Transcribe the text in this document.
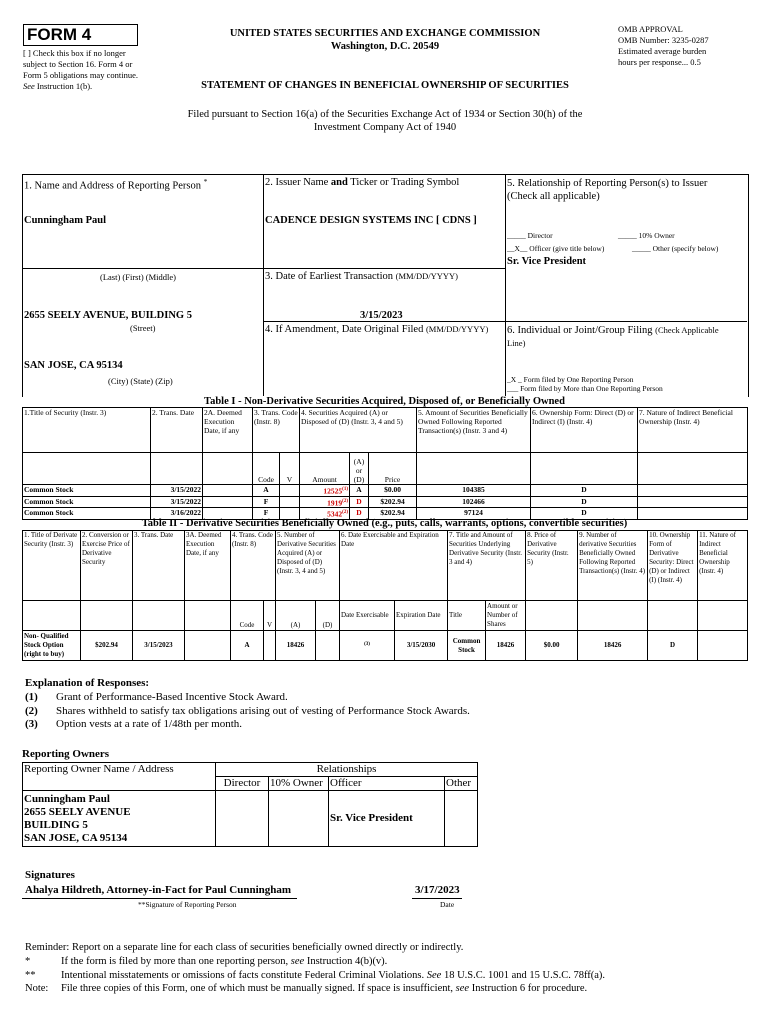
FORM 4
[ ] Check this box if no longer subject to Section 16. Form 4 or Form 5 obligations may continue. See Instruction 1(b).
UNITED STATES SECURITIES AND EXCHANGE COMMISSION
Washington, D.C. 20549
STATEMENT OF CHANGES IN BENEFICIAL OWNERSHIP OF SECURITIES
OMB APPROVAL
OMB Number: 3235-0287
Estimated average burden
hours per response... 0.5
Filed pursuant to Section 16(a) of the Securities Exchange Act of 1934 or Section 30(h) of the
Investment Company Act of 1940
1. Name and Address of Reporting Person *
Cunningham Paul
(Last) (First) (Middle)
2655 SEELY AVENUE, BUILDING 5
(Street)
SAN JOSE, CA 95134
(City) (State) (Zip)
2. Issuer Name and Ticker or Trading Symbol
CADENCE DESIGN SYSTEMS INC [ CDNS ]
3. Date of Earliest Transaction (MM/DD/YYYY)
3/15/2023
4. If Amendment, Date Original Filed (MM/DD/YYYY)
5. Relationship of Reporting Person(s) to Issuer
(Check all applicable)
_____ Director	_____ 10% Owner
__X__ Officer (give title below)	_____ Other (specify below)
Sr. Vice President
6. Individual or Joint/Group Filing (Check Applicable
Line)
_X _ Form filed by One Reporting Person
___ Form filed by More than One Reporting Person
Table I - Non-Derivative Securities Acquired, Disposed of, or Beneficially Owned
1.Title of Security (Instr. 3)	2. Trans. Date	2A. Deemed Execution Date, if any	3. Trans. Code (Instr. 8)		4. Securities Acquired (A) or Disposed of (D) (Instr. 3, 4 and 5)			5. Amount of Securities Beneficially Owned Following Reported Transaction(s) (Instr. 3 and 4)	6. Ownership Form: Direct (D) or Indirect (I) (Instr. 4)	7. Nature of Indirect Beneficial Ownership (Instr. 4)
			Code	V	Amount	(A) or (D)	Price			
Common Stock	3/15/2022		A		12525$^{(1)}$	A	$0.00	104385	D	
Common Stock	3/15/2022		F		1919$^{(2)}$	D	$202.94	102466	D	
Common Stock	3/16/2022		F		5342$^{(2)}$	D	$202.94	97124	D	
Table II - Derivative Securities Beneficially Owned (e.g., puts, calls, warrants, options, convertible securities)
1. Title of Derivate Security (Instr. 3)	2. Conversion or Exercise Price of Derivative Security	3. Trans. Date	3A. Deemed Execution Date, if any	4. Trans. Code (Instr. 8)		5. Number of Derivative Securities Acquired (A) or Disposed of (D) (Instr. 3, 4 and 5)		6. Date Exercisable and Expiration Date		7. Title and Amount of Securities Underlying Derivative Security (Instr. 3 and 4)		8. Price of Derivative Security (Instr. 5)	9. Number of derivative Securities Beneficially Owned Following Reported Transaction(s) (Instr. 4)	10. Ownership Form of Derivative Security: Direct (D) or Indirect (I) (Instr. 4)	11. Nature of Indirect Beneficial Ownership (Instr. 4)
				Code	V	(A)	(D)	Date Exercisable	Expiration Date	Title	Amount or Number of Shares				
Non- Qualified Stock Option (right to buy)	$202.94	3/15/2023		A		18426		$^{(3)}$	3/15/2030	Common Stock	18426	$0.00	18426	D	
Explanation of Responses:
(1) Grant of Performance-Based Incentive Stock Award.
(2) Shares withheld to satisfy tax obligations arising out of vesting of Performance Stock Awards.
(3) Option vests at a rate of 1/48th per month.
Reporting Owners
Reporting Owner Name / Address	Relationships			
	Director	10% Owner	Officer	Other

Cunningham Paul
2655 SEELY AVENUE
BUILDING 5
SAN JOSE, CA 95134			Sr. Vice President	
Signatures
Ahalya Hildreth, Attorney-in-Fact for Paul Cunningham	3/17/2023
**Signature of Reporting Person	Date
Reminder: Report on a separate line for each class of securities beneficially owned directly or indirectly.
*	If the form is filed by more than one reporting person, see Instruction 4(b)(v).
** Intentional misstatements or omissions of facts constitute Federal Criminal Violations. See 18 U.S.C. 1001 and 15 U.S.C. 78ff(a).
Note: File three copies of this Form, one of which must be manually signed. If space is insufficient, see Instruction 6 for procedure.
